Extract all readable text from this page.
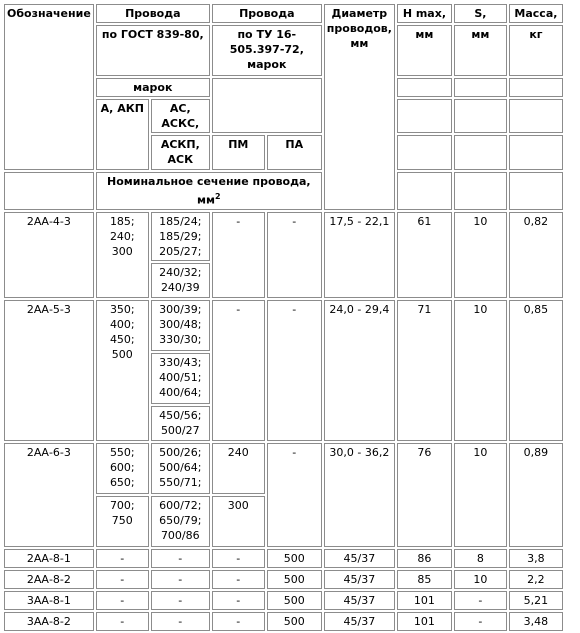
Обозначение	Провода		Провода		Диаметр проводов, мм	H max,	S,	Масса,
	по ГОСТ 839-80,		по ТУ 16-505.397-72, марок			мм	мм	кг
	марок							
	А, АКП	АС, АСКС,						
		АСКП, АСК	ПМ	ПА				
	Номинальное сечение провода, $мм^2$			
2АА-4-3	185; 240; 300	185/24; 185/29; 205/27;	-	-	17,5 - 22,1	61	10	0,82
		240/32; 240/39						
2АА-5-3	350; 400; 450; 500	300/39; 300/48; 330/30;	-	-	24,0 - 29,4	71	10	0,85
		330/43; 400/51; 400/64;						
		450/56; 500/27						
2АА-6-3	550; 600; 650;	500/26; 500/64; 550/71;	240	-	30,0 - 36,2	76	10	0,89
	700; 750	600/72; 650/79; 700/86	300					
2АА-8-1	-	-	-	500	45/37	86	8	3,8
2АА-8-2	-	-	-	500	45/37	85	10	2,2
3АА-8-1	-	-	-	500	45/37	101	-	5,21
3АА-8-2	-	-	-	500	45/37	101	-	3,48
